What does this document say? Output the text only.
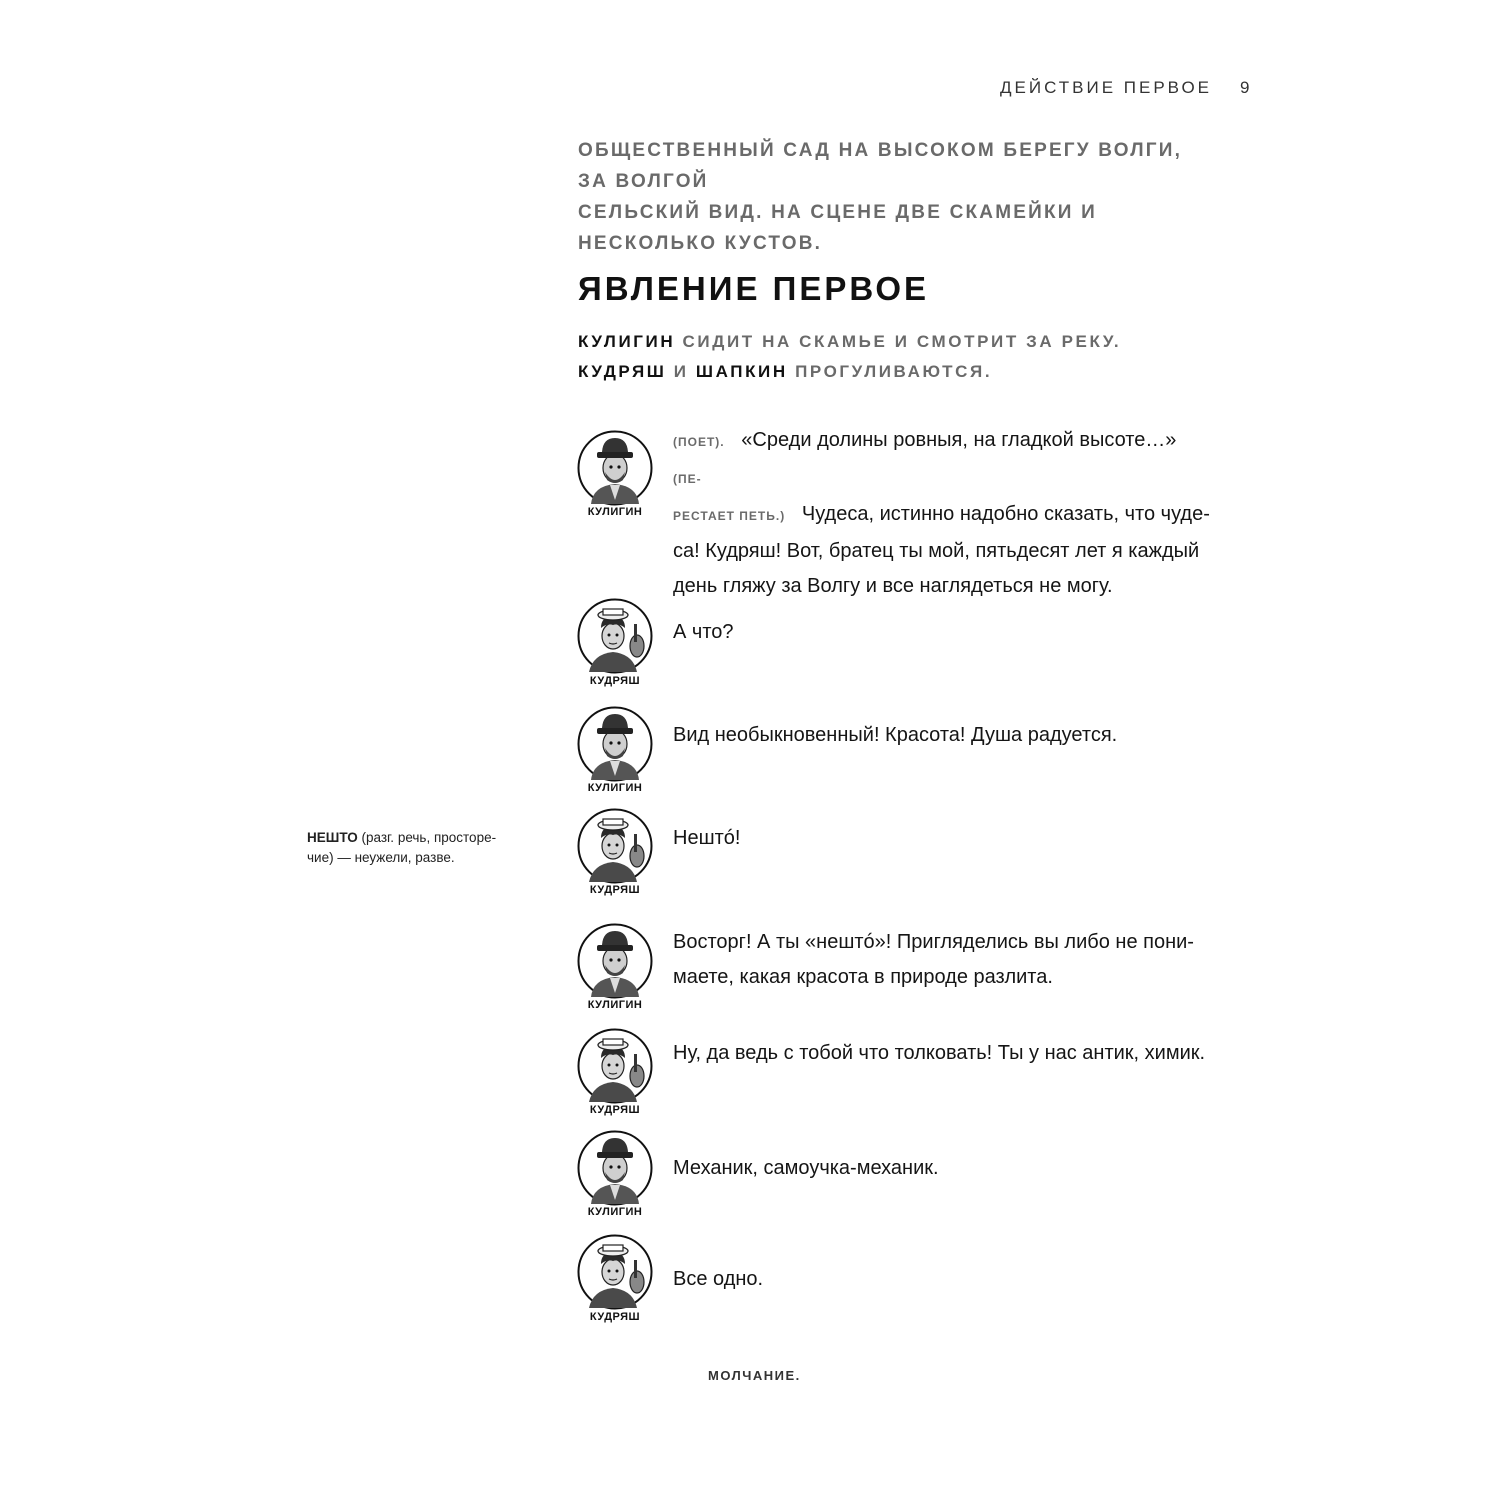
ДЕЙСТВИЕ ПЕРВОЕ 9
ОБЩЕСТВЕННЫЙ САД НА ВЫСОКОМ БЕРЕГУ ВОЛГИ, ЗА ВОЛГОЙ
СЕЛЬСКИЙ ВИД. НА СЦЕНЕ ДВЕ СКАМЕЙКИ И НЕСКОЛЬКО КУСТОВ.
ЯВЛЕНИЕ ПЕРВОЕ
КУЛИГИН СИДИТ НА СКАМЬЕ И СМОТРИТ ЗА РЕКУ.
КУДРЯШ И ШАПКИН ПРОГУЛИВАЮТСЯ.
КУЛИГИН
(ПОЕТ). «Среди долины ровныя, на гладкой высоте…»  (ПЕ-
РЕСТАЕТ ПЕТЬ.) Чудеса, истинно надобно сказать, что чуде-
са! Кудряш! Вот, братец ты мой, пятьдесят лет я каждый
день гляжу за Волгу и все наглядеться не могу.
КУДРЯШ
А что?
КУЛИГИН
Вид необыкновенный! Красота! Душа радуется.
КУДРЯШ
Нештó!
КУЛИГИН
Восторг! А ты «нештó»! Пригляделись вы либо не пони-
маете, какая красота в природе разлита.
КУДРЯШ
Ну, да ведь с тобой что толковать! Ты у нас антик, химик.
КУЛИГИН
Механик, самоучка-механик.
КУДРЯШ
Все одно.
НЕШТО (разг. речь, просторе-
чие) — неужели, разве.
МОЛЧАНИЕ.
